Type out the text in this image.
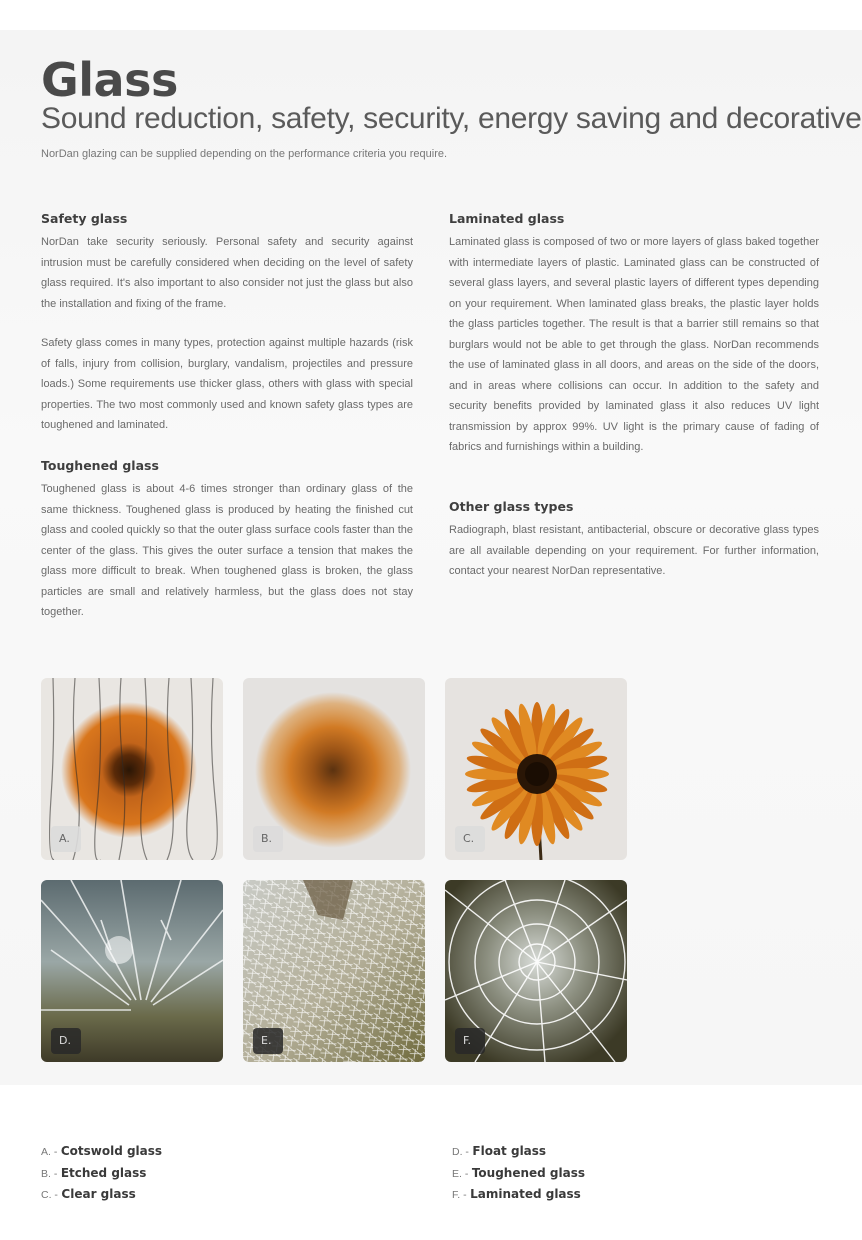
Glass
Sound reduction, safety, security, energy saving and decorative

NorDan glazing can be supplied depending on the performance criteria you require.

Safety glass

NorDan take security seriously. Personal safety and security against intrusion must be carefully considered when deciding on the level of safety glass required. It's also important to also consider not just the glass but also the installation and fixing of the frame.

Safety glass comes in many types, protection against multiple hazards (risk of falls, injury from collision, burglary, vandalism, projectiles and pressure loads.) Some requirements use thicker glass, others with glass with special properties. The two most commonly used and known safety glass types are toughened and laminated.

Toughened glass

Toughened glass is about 4-6 times stronger than ordinary glass of the same thickness. Toughened glass is produced by heating the finished cut glass and cooled quickly so that the outer glass surface cools faster than the center of the glass. This gives the outer surface a tension that makes the glass more difficult to break. When toughened glass is broken, the glass particles are small and relatively harmless, but the glass does not stay together.

Laminated glass

Laminated glass is composed of two or more layers of glass baked together with intermediate layers of plastic. Laminated glass can be constructed of several glass layers, and several plastic layers of different types depending on your requirement. When laminated glass breaks, the plastic layer holds the glass particles together. The result is that a barrier still remains so that burglars would not be able to get through the glass. NorDan recommends the use of laminated glass in all doors, and areas on the side of the doors, and in areas where collisions can occur. In addition to the safety and security benefits provided by laminated glass it also reduces UV light transmission by approx 99%. UV light is the primary cause of fading of fabrics and furnishings within a building.

Other glass types

Radiograph, blast resistant, antibacterial, obscure or decorative glass types are all available depending on your requirement. For further information, contact your nearest NorDan representative.

A.	B.	C.
D.	E.	F.
A. - Cotswold glass
B. - Etched glass
C. - Clear glass
D. - Float glass
E. - Toughened glass
F. - Laminated glass
